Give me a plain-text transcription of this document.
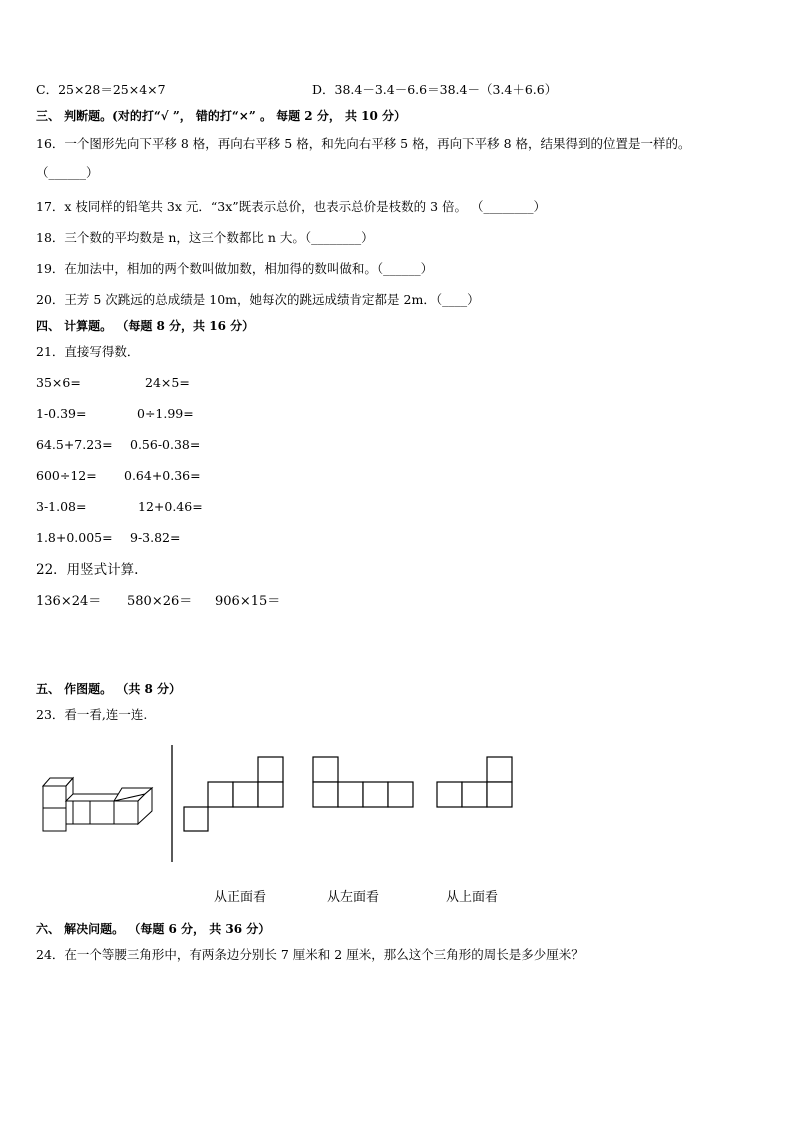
C．25×28＝25×4×7	D．38.4－3.4－6.6＝38.4－（3.4＋6.6）
三、 判断题。(对的打“√ ”， 错的打“×” 。 每题 2 分， 共 10 分）
16．一个图形先向下平移 8 格，再向右平移 5 格，和先向右平移 5 格，再向下平移 8 格，结果得到的位置是一样的。
（______）
17．x 枝同样的铅笔共 3x 元．“3x”既表示总价，也表示总价是枝数的 3 倍。 （________）
18．三个数的平均数是 n，这三个数都比 n 大。（________）
19．在加法中，相加的两个数叫做加数，相加得的数叫做和。（______）
20．王芳 5 次跳远的总成绩是 10m，她每次的跳远成绩肯定都是 2m．（____）
四、 计算题。 （每题 8 分，共 16 分）
21．直接写得数．
35×6=	24×5=
1-0.39=	0÷1.99=
64.5+7.23= 0.56-0.38=
600÷12= 0.64+0.36=
3-1.08=	12+0.46=
1.8+0.005= 9-3.82=
22．用竖式计算.
136×24＝ 580×26＝ 906×15＝
五、 作图题。 （共 8 分）
23．看一看,连一连.
从正面看	从左面看	从上面看
六、 解决问题。 （每题 6 分， 共 36 分）
24．在一个等腰三角形中，有两条边分别长 7 厘米和 2 厘米，那么这个三角形的周长是多少厘米？
